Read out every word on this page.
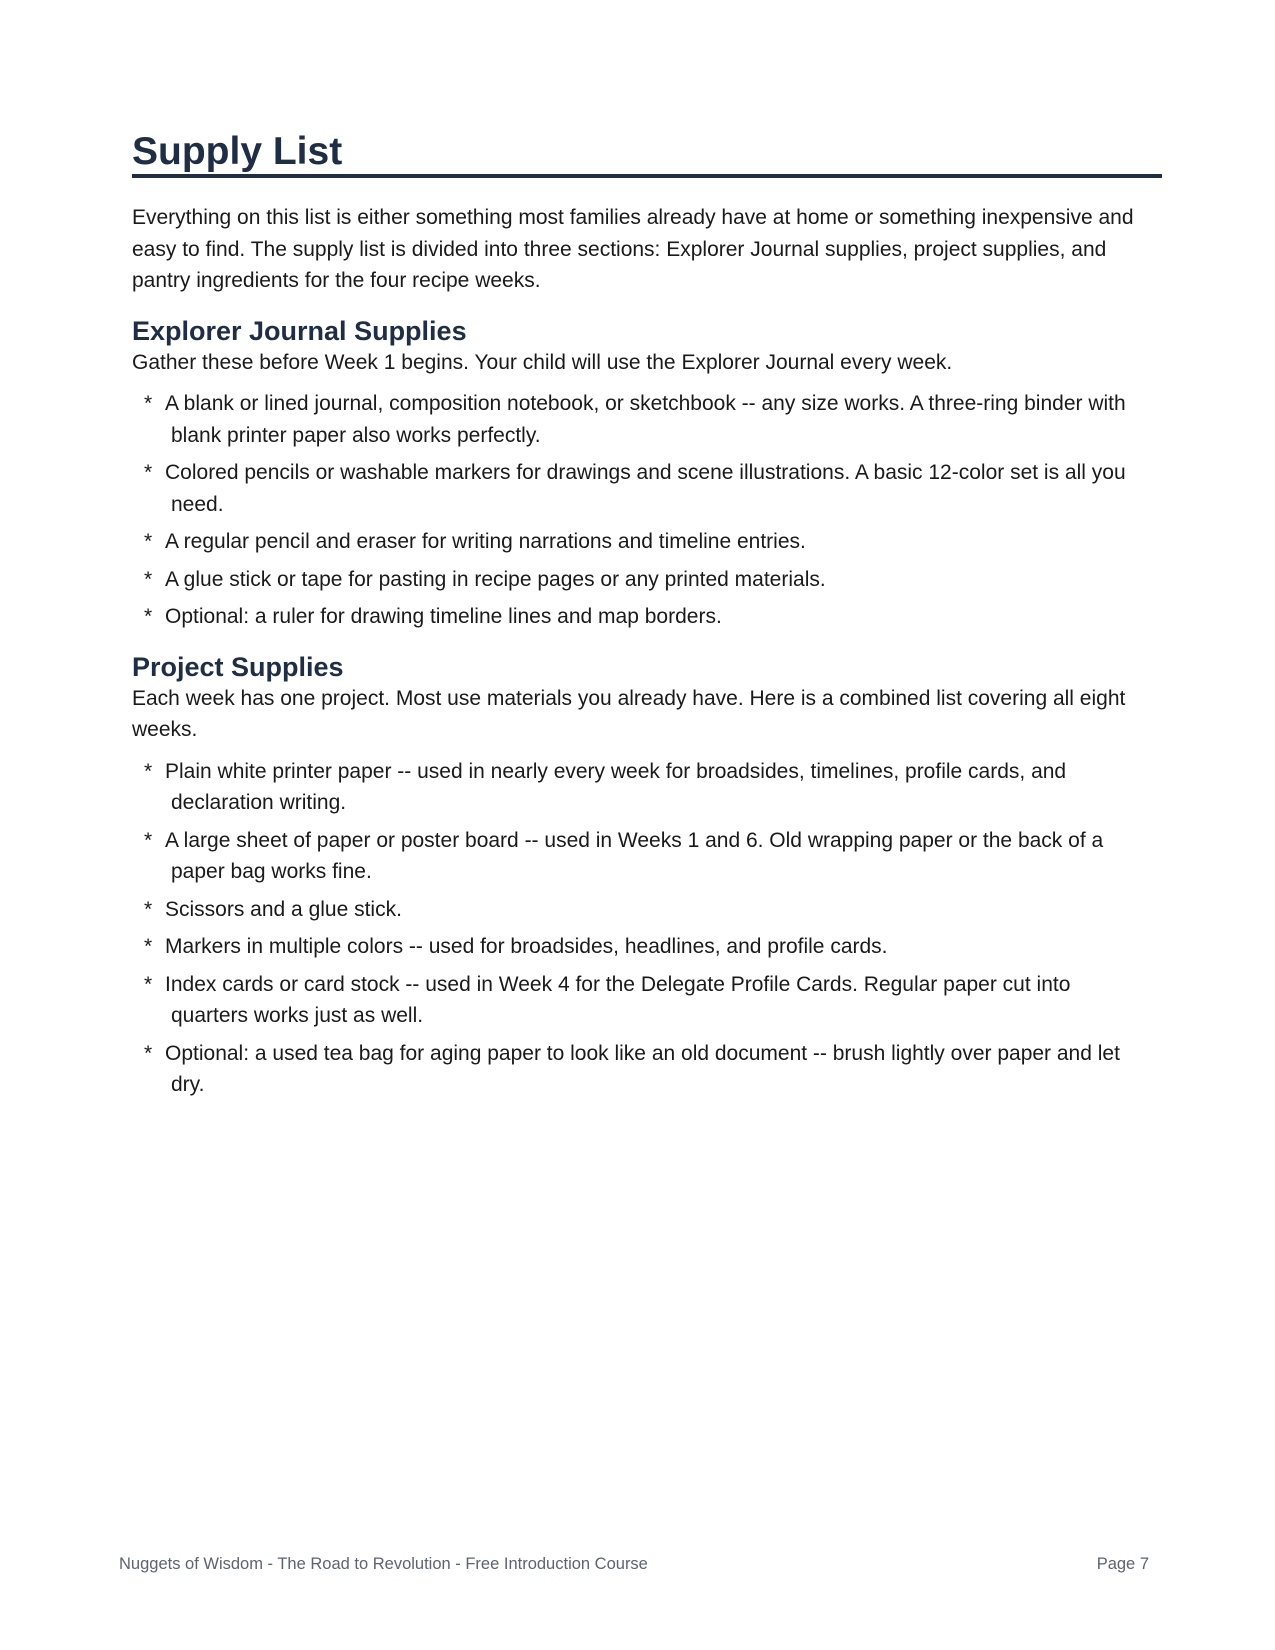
Supply List

Everything on this list is either something most families already have at home or something inexpensive and easy to find. The supply list is divided into three sections: Explorer Journal supplies, project supplies, and pantry ingredients for the four recipe weeks.

Explorer Journal Supplies

Gather these before Week 1 begins. Your child will use the Explorer Journal every week.

* A blank or lined journal, composition notebook, or sketchbook -- any size works. A three-ring binder with blank printer paper also works perfectly.
* Colored pencils or washable markers for drawings and scene illustrations. A basic 12-color set is all you need.
* A regular pencil and eraser for writing narrations and timeline entries.
* A glue stick or tape for pasting in recipe pages or any printed materials.
* Optional: a ruler for drawing timeline lines and map borders.
Project Supplies

Each week has one project. Most use materials you already have. Here is a combined list covering all eight weeks.

* Plain white printer paper -- used in nearly every week for broadsides, timelines, profile cards, and declaration writing.
* A large sheet of paper or poster board -- used in Weeks 1 and 6. Old wrapping paper or the back of a paper bag works fine.
* Scissors and a glue stick.
* Markers in multiple colors -- used for broadsides, headlines, and profile cards.
* Index cards or card stock -- used in Week 4 for the Delegate Profile Cards. Regular paper cut into quarters works just as well.
* Optional: a used tea bag for aging paper to look like an old document -- brush lightly over paper and let dry.
Nuggets of Wisdom - The Road to Revolution - Free Introduction Course	Page 7
